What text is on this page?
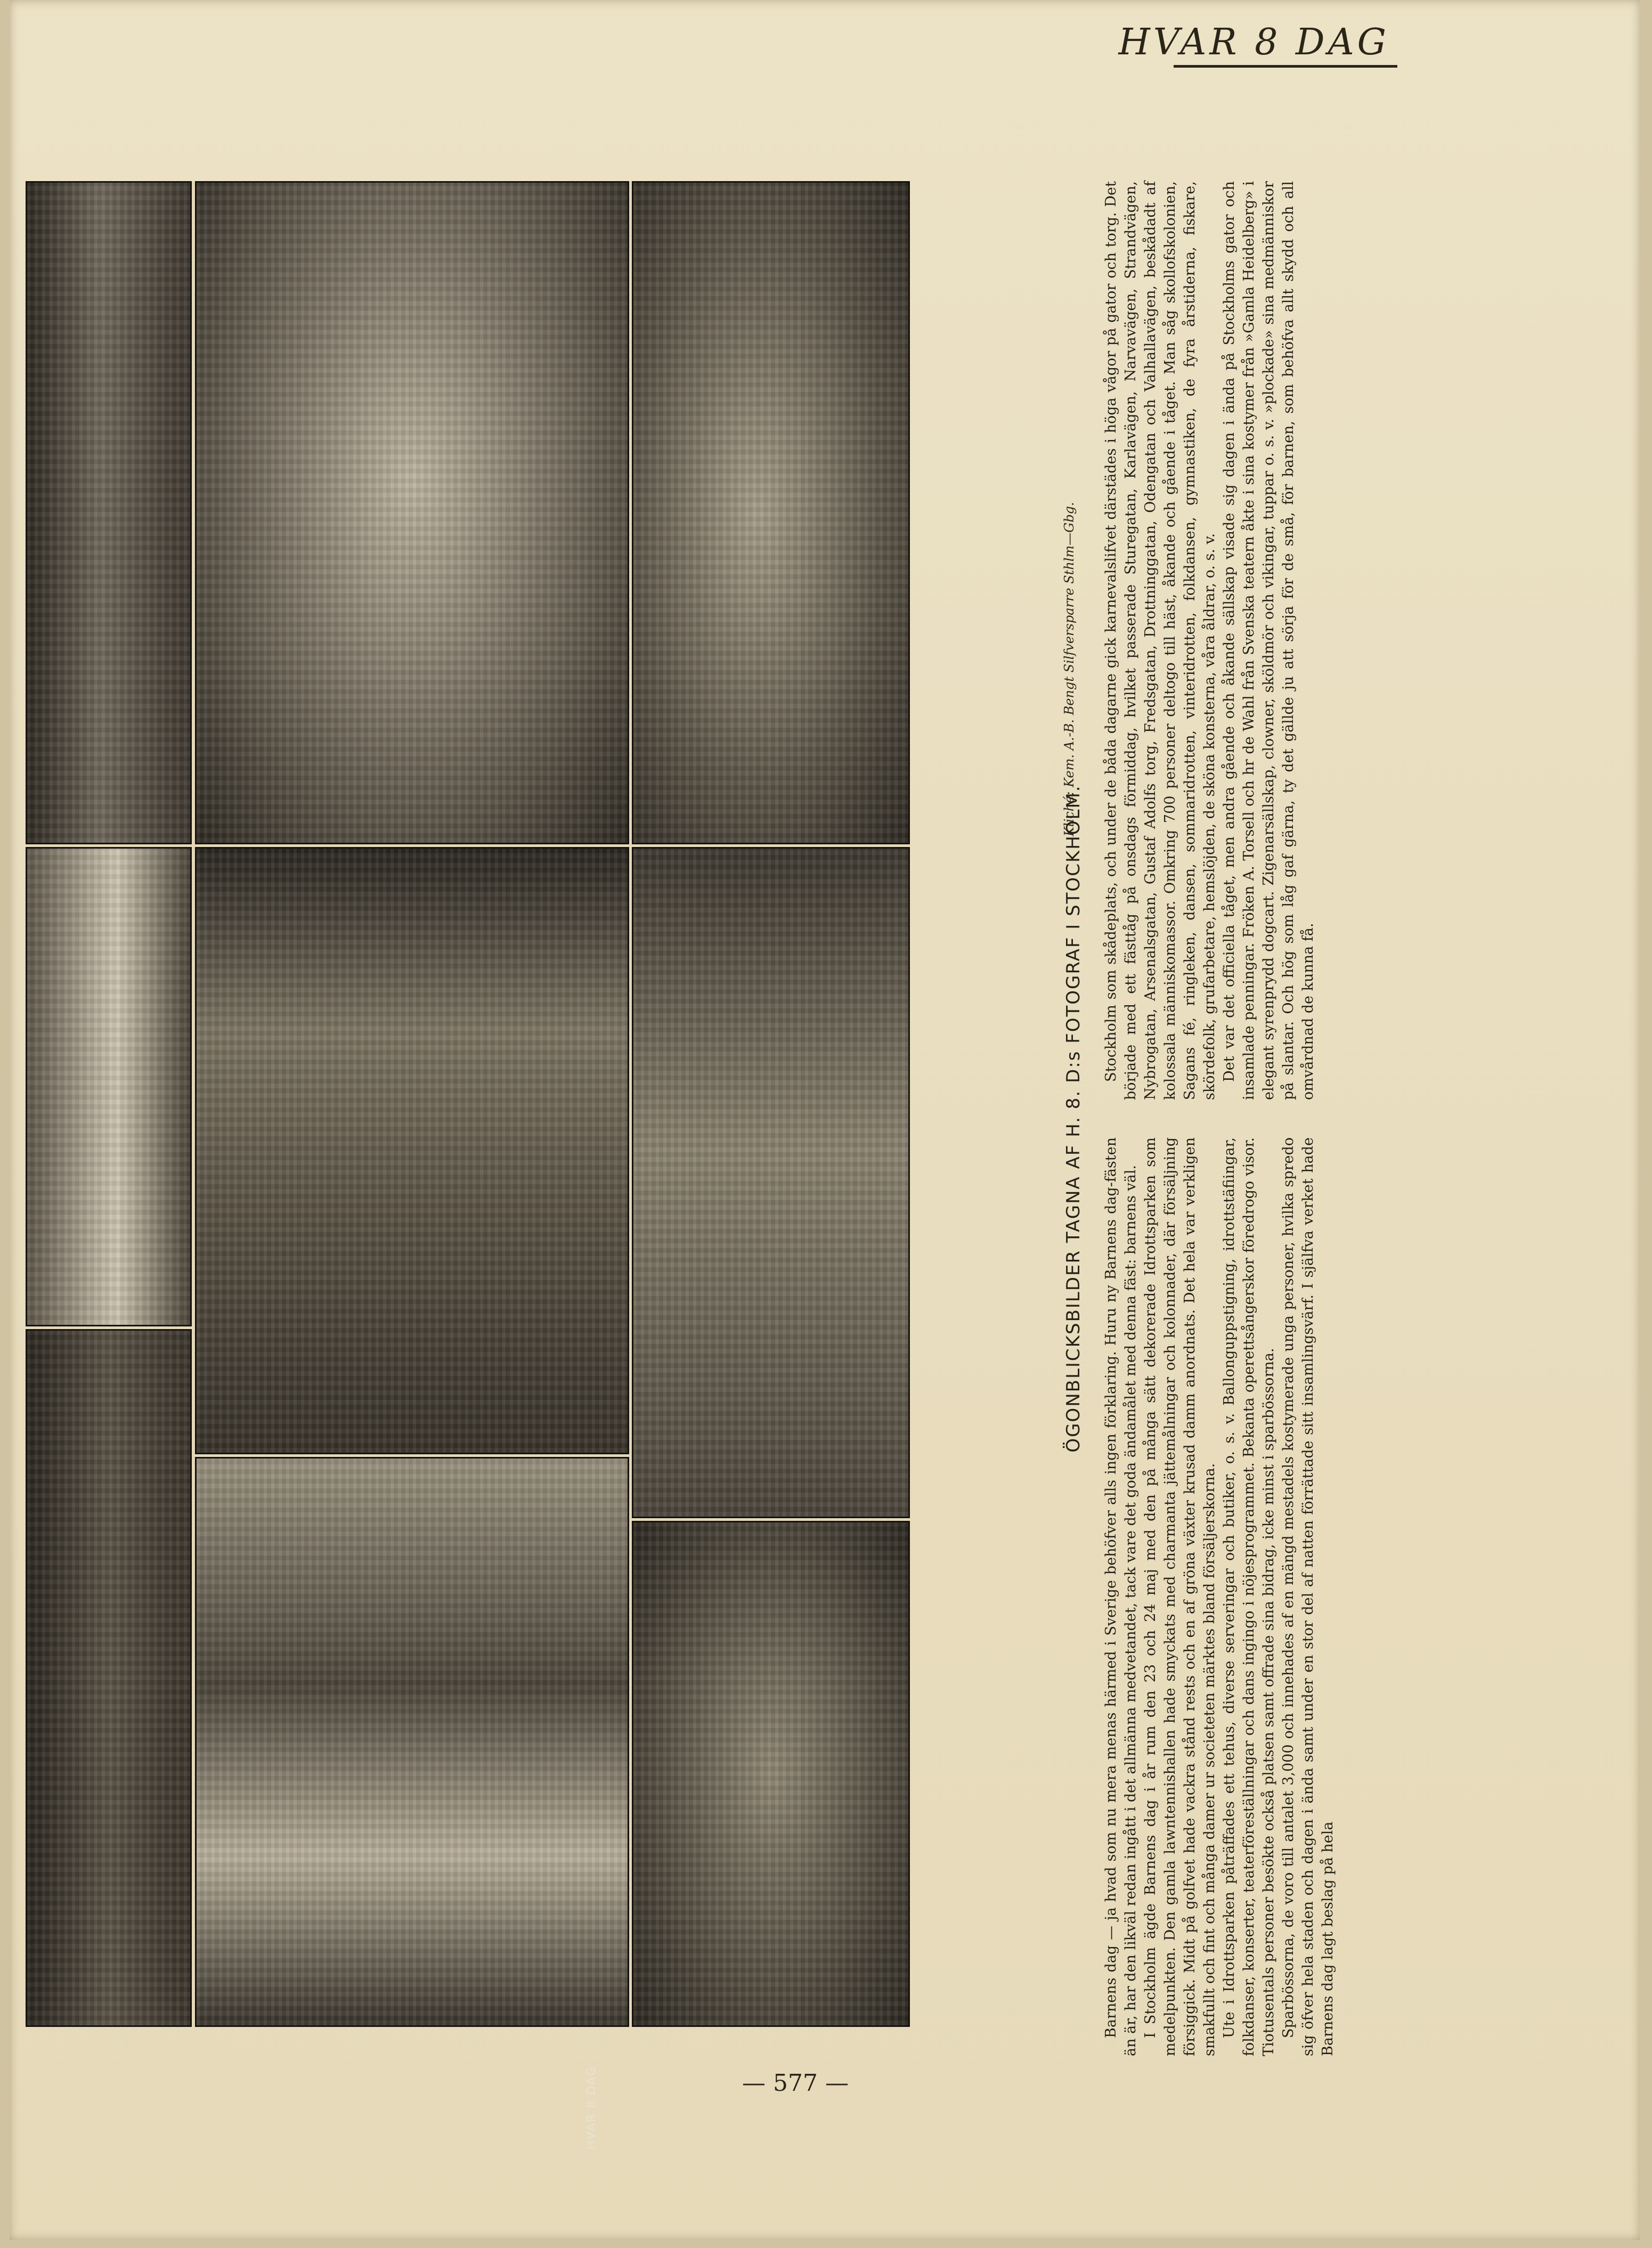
HVAR 8 DAG
HVAR 8 DAG
Kliché: Kem. A.-B. Bengt Silfversparre Sthlm—Gbg.
ÖGONBLICKSBILDER TAGNA AF H. 8. D:s FOTOGRAF I STOCKHOLM.

Barnens dag — ja hvad som nu mera menas härmed i Sverige behöfver alls ingen förklaring. Huru ny Barnens dag-fästen än är, har den likväl redan ingått i det allmänna medvetandet, tack vare det goda ändamålet med denna fäst: barnens väl. I Stockholm ägde Barnens dag i år rum den 23 och 24 maj med den på många sätt dekorerade Idrottsparken som medelpunkten. Den gamla lawntennishallen hade smyckats med charmanta jättemålningar och kolonnader, där försäljning försiggick. Midt på golfvet hade vackra stånd rests och en af gröna växter krusad damm anordnats. Det hela var verkligen smakfullt och fint och många damer ur societeten märktes bland försäljerskorna. Ute i Idrottsparken påträffades ett tehus, diverse serveringar och butiker, o. s. v. Ballonguppstigning, idrottstäfiingar, folkdanser, konserter, teaterföreställningar och dans ingingo i nöjesprogrammet. Bekanta operettsångerskor föredrogo visor. Tiotusentals personer besökte också platsen samt offrade sina bidrag, icke minst i sparbössorna. Sparbössorna, de voro till antalet 3,000 och innehades af en mängd mestadels kostymerade unga personer, hvilka spredo sig öfver hela staden och dagen i ända samt under en stor del af natten förrättade sitt insamlingsvärf. I själfva verket hade Barnens dag lagt beslag på hela

Stockholm som skådeplats, och under de båda dagarne gick karnevalslifvet därstädes i höga vågor på gator och torg. Det började med ett fästtåg på onsdags förmiddag, hvilket passerade Sturegatan, Karlavägen, Narvavägen, Strandvägen, Nybrogatan, Arsenalsgatan, Gustaf Adolfs torg, Fredsgatan, Drottninggatan, Odengatan och Valhallavägen, beskådadt af kolossala människomassor. Omkring 700 personer deltogo till häst, åkande och gående i tåget. Man såg skollofskolonien, Sagans fé, ringleken, dansen, sommaridrotten, vinteridrotten, folkdansen, gymnastiken, de fyra årstiderna, fiskare, skördefolk, grufarbetare, hemslöjden, de sköna konsterna, våra åldrar, o. s. v. Det var det officiella tåget, men andra gående och åkande sällskap visade sig dagen i ända på Stockholms gator och insamlade penningar. Fröken A. Torsell och hr de Wahl från Svenska teatern åkte i sina kostymer från »Gamla Heidelberg» i elegant syrenprydd dogcart. Zigenarsällskap, clowner, sköldmör och vikingar, tuppar o. s. v. »plockade» sina medmänniskor på slantar. Och hög som låg gaf gärna, ty det gällde ju att sörja för de små, för barnen, som behöfva allt skydd och all omvårdnad de kunna få.

— 577 —
